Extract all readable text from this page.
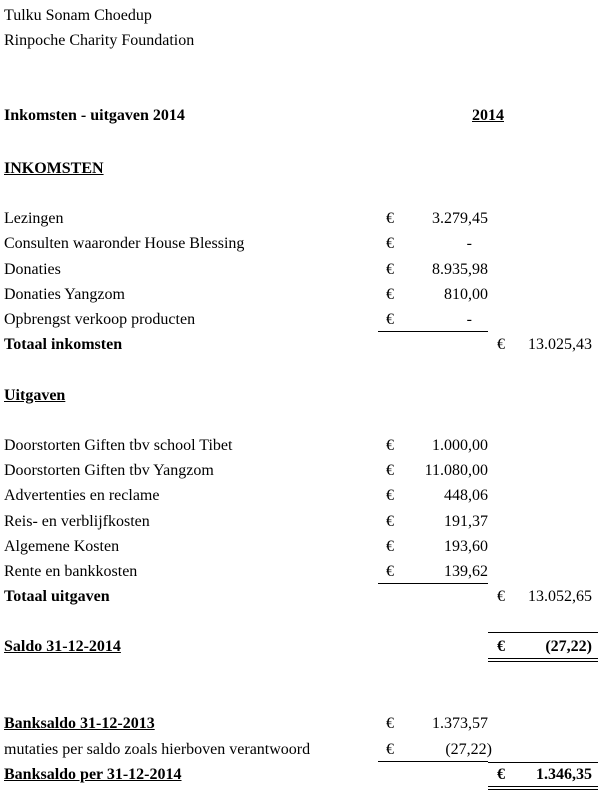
Tulku Sonam Choedup
Rinpoche Charity Foundation
Inkomsten - uitgaven 2014	2014
INKOMSTEN
Lezingen	€	3.279,45
Consulten waaronder House Blessing	€	-
Donaties	€	8.935,98
Donaties Yangzom	€	810,00
Opbrengst verkoop producten	€	-
Totaal inkomsten	€ 13.025,43
Uitgaven
Doorstorten Giften tbv school Tibet	€	1.000,00
Doorstorten Giften tbv Yangzom	€	11.080,00
Advertenties en reclame	€	448,06
Reis- en verblijfkosten	€	191,37
Algemene Kosten	€	193,60
Rente en bankkosten	€	139,62
Totaal uitgaven	€ 13.052,65
Saldo 31-12-2014	€	(27,22)
Banksaldo 31-12-2013	€	1.373,57
mutaties per saldo zoals hierboven verantwoord	€	(27,22)
Banksaldo per 31-12-2014	€ 1.346,35
